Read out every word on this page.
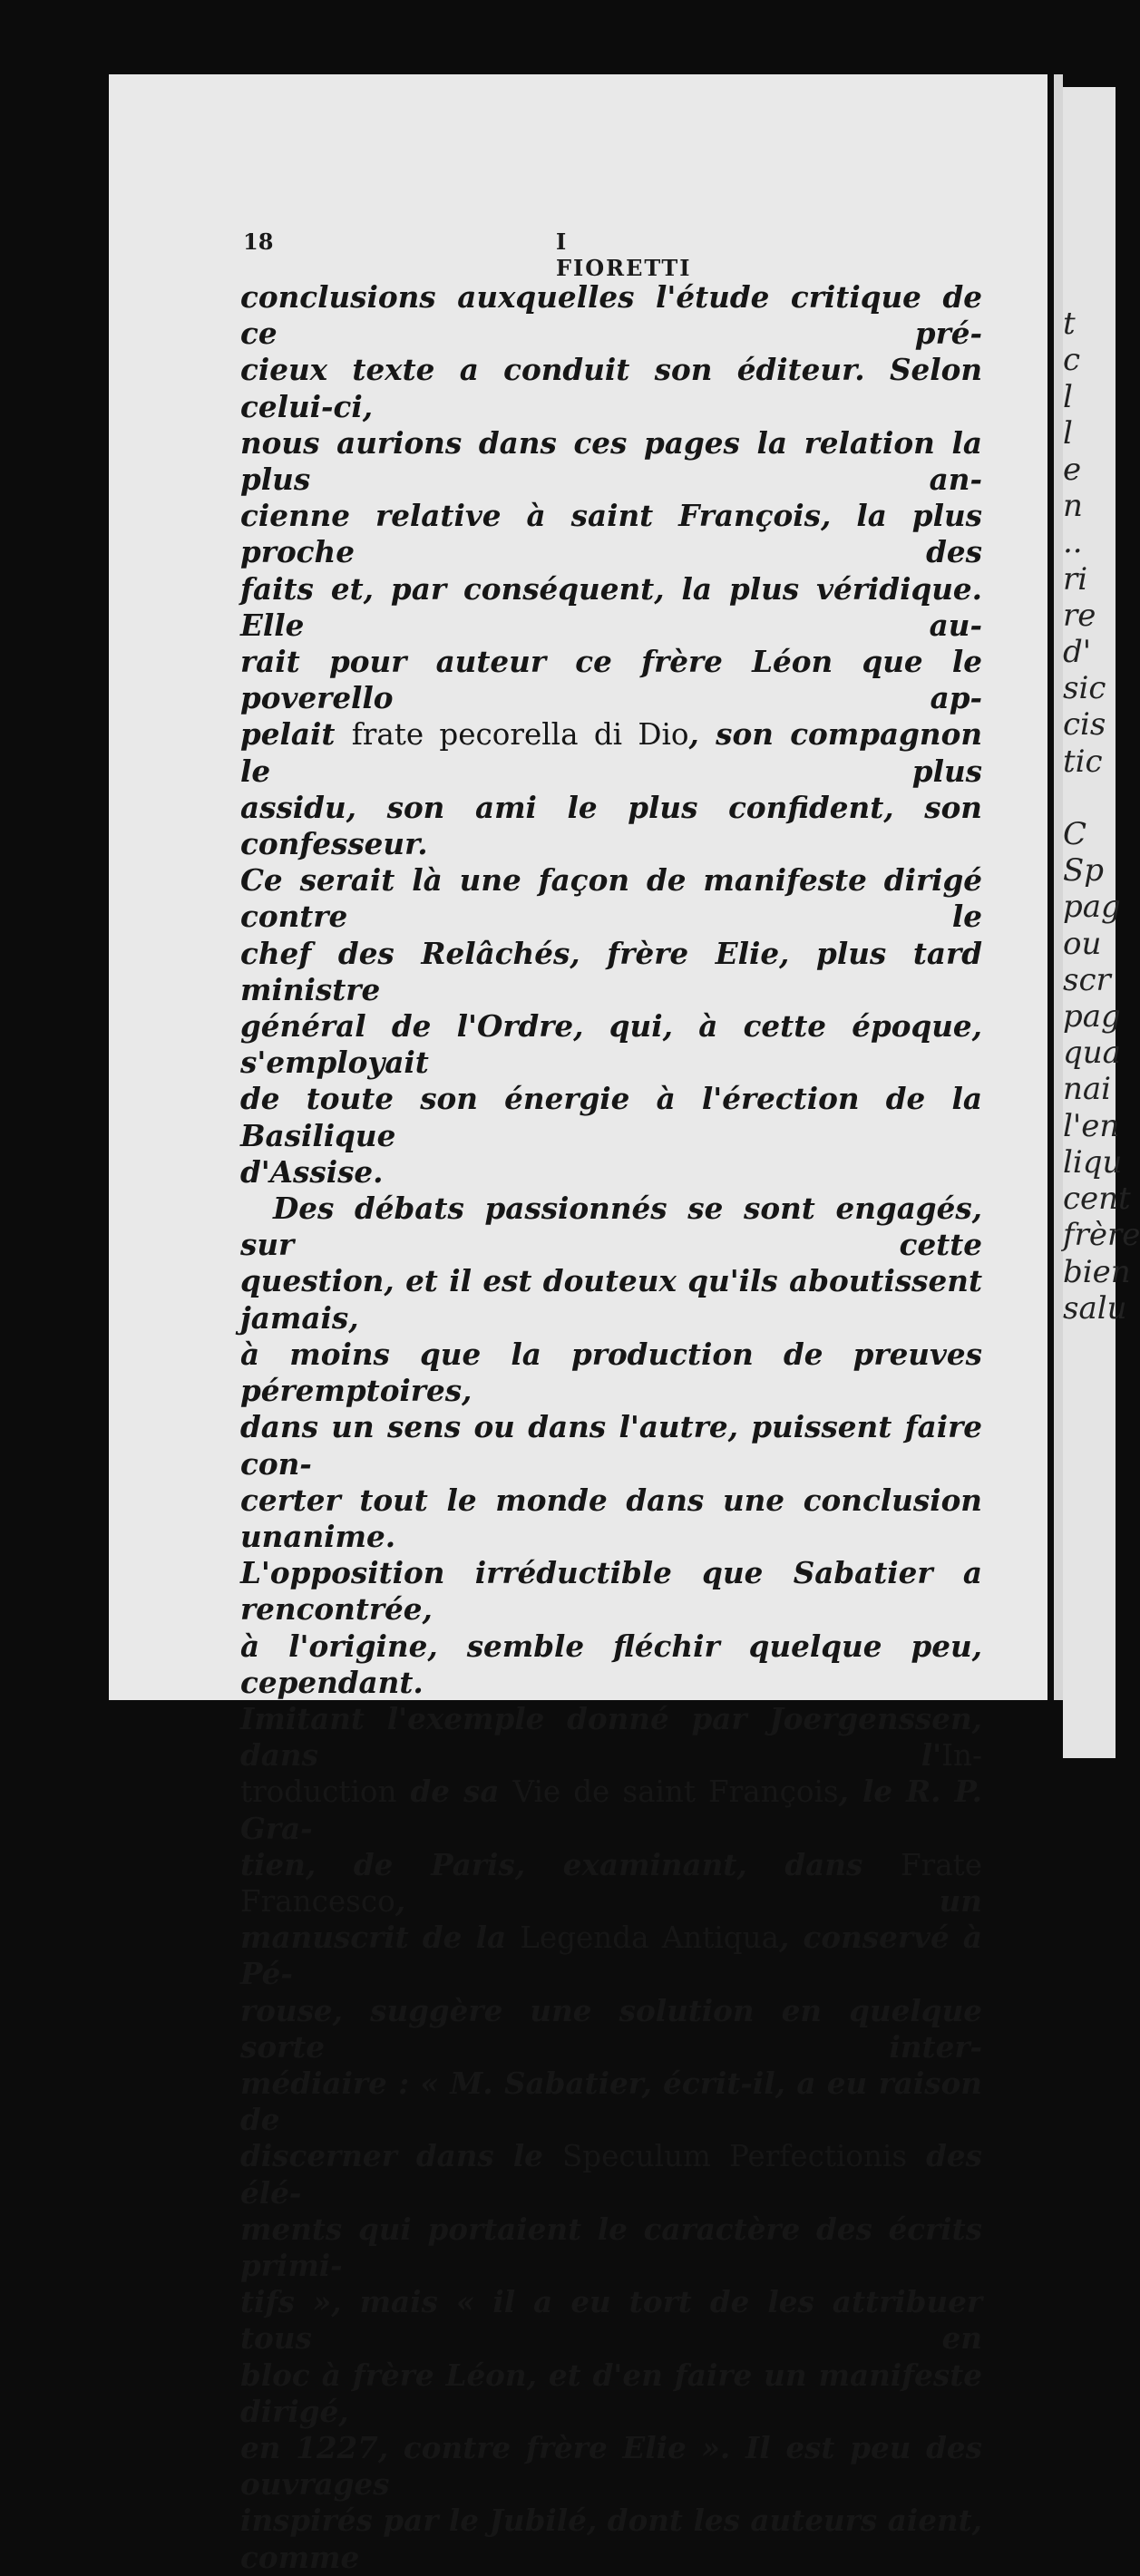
t
c
l
l
e
n
..
ri
re
d'
sic
cis
tic

C
Sp
pag
ou
scr
pag
qua
nai
l'en
liqu
cent
frère
bien
salu
18	I FIORETTI

conclusions auxquelles l'étude critique de ce pré-

cieux texte a conduit son éditeur. Selon celui-ci,

nous aurions dans ces pages la relation la plus an-

cienne relative à saint François, la plus proche des

faits et, par conséquent, la plus véridique. Elle au-

rait pour auteur ce frère Léon que le poverello ap-

pelait frate pecorella di Dio, son compagnon le plus

assidu, son ami le plus confident, son confesseur.

Ce serait là une façon de manifeste dirigé contre le

chef des Relâchés, frère Elie, plus tard ministre

général de l'Ordre, qui, à cette époque, s'employait

de toute son énergie à l'érection de la Basilique

d'Assise.

Des débats passionnés se sont engagés, sur cette

question, et il est douteux qu'ils aboutissent jamais,

à moins que la production de preuves péremptoires,

dans un sens ou dans l'autre, puissent faire con-

certer tout le monde dans une conclusion unanime.

L'opposition irréductible que Sabatier a rencontrée,

à l'origine, semble fléchir quelque peu, cependant.

Imitant l'exemple donné par Joergenssen, dans l'In-

troduction de sa Vie de saint François, le R. P. Gra-

tien, de Paris, examinant, dans Frate Francesco, un

manuscrit de la Legenda Antiqua, conservé à Pé-

rouse, suggère une solution en quelque sorte inter-

médiaire : « M. Sabatier, écrit-il, a eu raison de

discerner dans le Speculum Perfectionis des élé-

ments qui portaient le caractère des écrits primi-

tifs », mais « il a eu tort de les attribuer tous en

bloc à frère Léon, et d'en faire un manifeste dirigé,

en 1227, contre frère Elie ». Il est peu des ouvrages

inspirés par le Jubilé, dont les auteurs aient, comme
